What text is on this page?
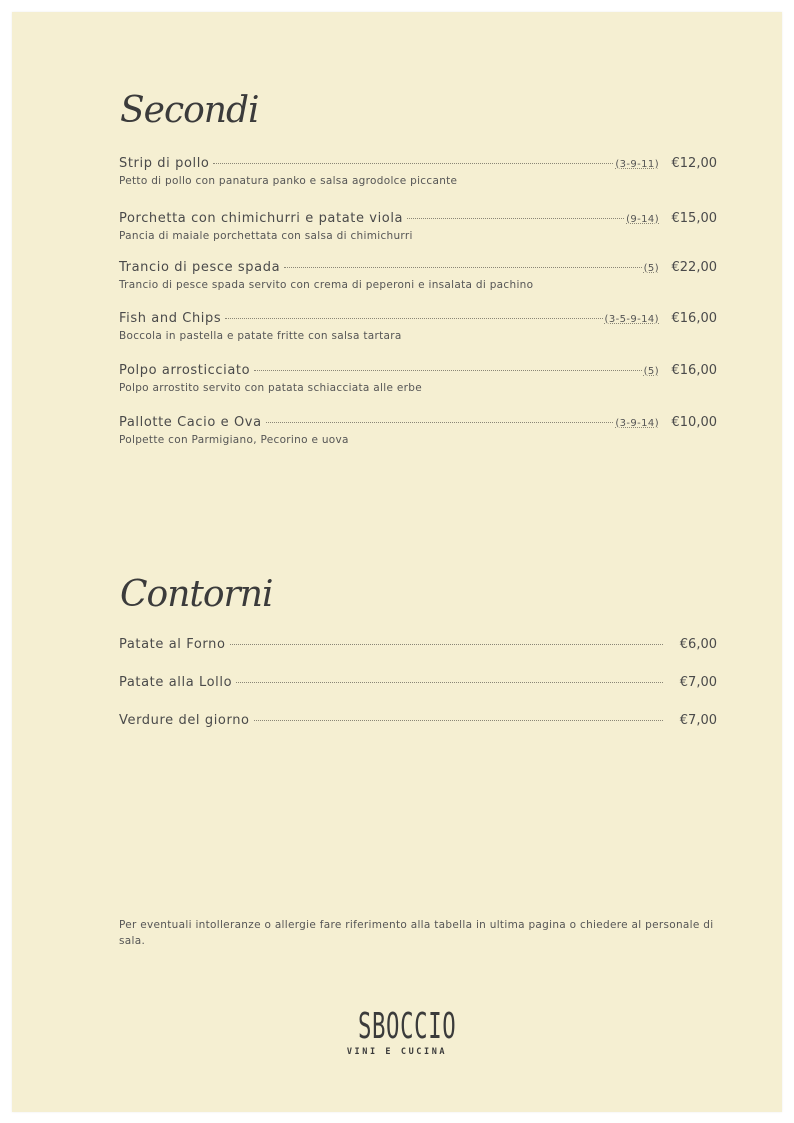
Secondi
Strip di pollo	(3-9-11) €12,00
Petto di pollo con panatura panko e salsa agrodolce piccante
Porchetta con chimichurri e patate viola	(9-14) €15,00
Pancia di maiale porchettata con salsa di chimichurri
Trancio di pesce spada	(5) €22,00
Trancio di pesce spada servito con crema di peperoni e insalata di pachino
Fish and Chips	(3-5-9-14) €16,00
Boccola in pastella e patate fritte con salsa tartara
Polpo arrosticciato	(5) €16,00
Polpo arrostito servito con patata schiacciata alle erbe
Pallotte Cacio e Ova	(3-9-14) €10,00
Polpette con Parmigiano, Pecorino e uova
Contorni
Patate al Forno	€6,00
Patate alla Lollo	€7,00
Verdure del giorno	€7,00
Per eventuali intolleranze o allergie fare riferimento alla tabella in ultima pagina o chiedere al personale di sala.
SBOCCIO
VINI E CUCINA
